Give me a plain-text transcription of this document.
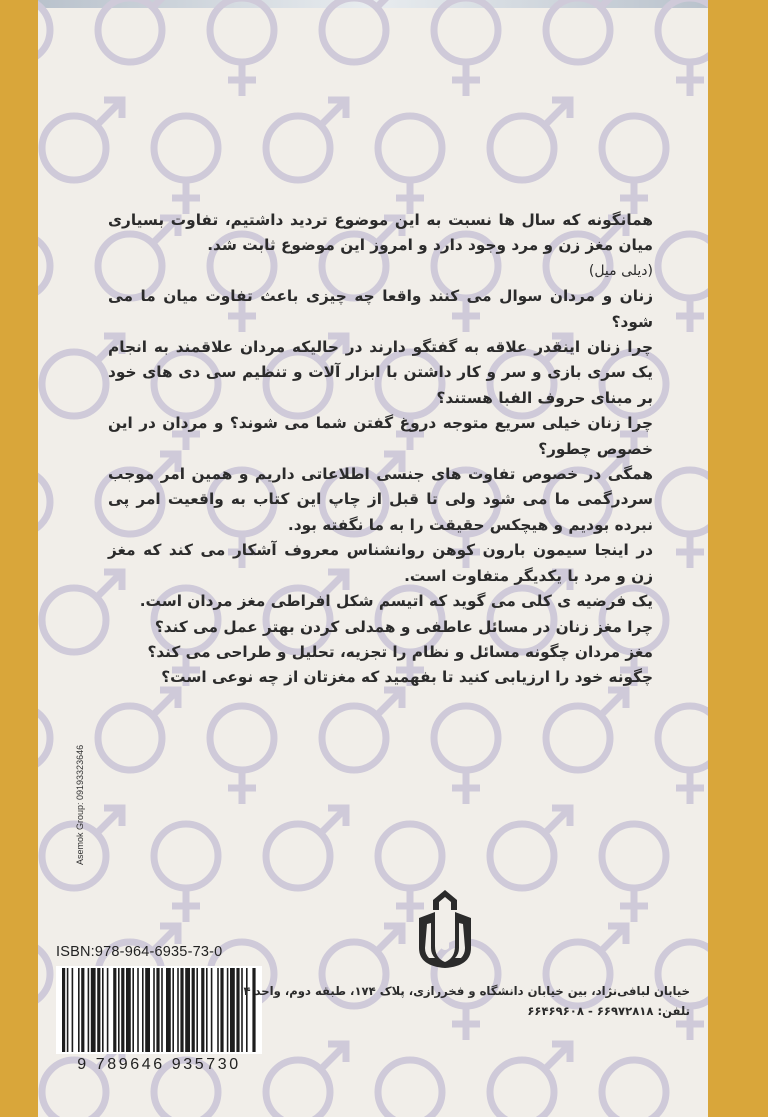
همانگونه که سال ها نسبت به این موضوع تردید داشتیم، تفاوت بسیاری میان مغز زن و مرد وجود دارد و امروز این موضوع ثابت شد.

(دیلی میل)

زنان و مردان سوال می کنند واقعا چه چیزی باعث تفاوت میان ما می شود؟

چرا زنان اینقدر علاقه به گفتگو دارند در حالیکه مردان علاقمند به انجام یک سری بازی و سر و کار داشتن با ابزار آلات و تنظیم سی دی های خود بر مبنای حروف الفبا هستند؟

چرا زنان خیلی سریع متوجه دروغ گفتن شما می شوند؟ و مردان در این خصوص چطور؟

همگی در خصوص تفاوت های جنسی اطلاعاتی داریم و همین امر موجب سردرگمی ما می شود ولی تا قبل از چاپ این کتاب به واقعیت امر پی نبرده بودیم و هیچکس حقیقت را به ما نگفته بود.

در اینجا سیمون بارون کوهن روانشناس معروف آشکار می کند که مغز زن و مرد با یکدیگر متفاوت است.

یک فرضیه ی کلی می گوید که اتیسم شکل افراطی مغز مردان است.

چرا مغز زنان در مسائل عاطفی و همدلی کردن بهتر عمل می کند؟

مغز مردان چگونه مسائل و نظام را تجزیه، تحلیل و طراحی می کند؟

چگونه خود را ارزیابی کنید تا بفهمید که مغزتان از چه نوعی است؟

Asemok Group: 09193323646
ISBN:978-964-6935-73-0
9 789646 935730
خیابان لبافی‌نژاد، بین خیابان دانشگاه و فخررازی، پلاک ۱۷۴، طبقه دوم، واحد ۴
تلفن: ۶۶۹۷۲۸۱۸ - ۶۶۴۶۹۶۰۸
